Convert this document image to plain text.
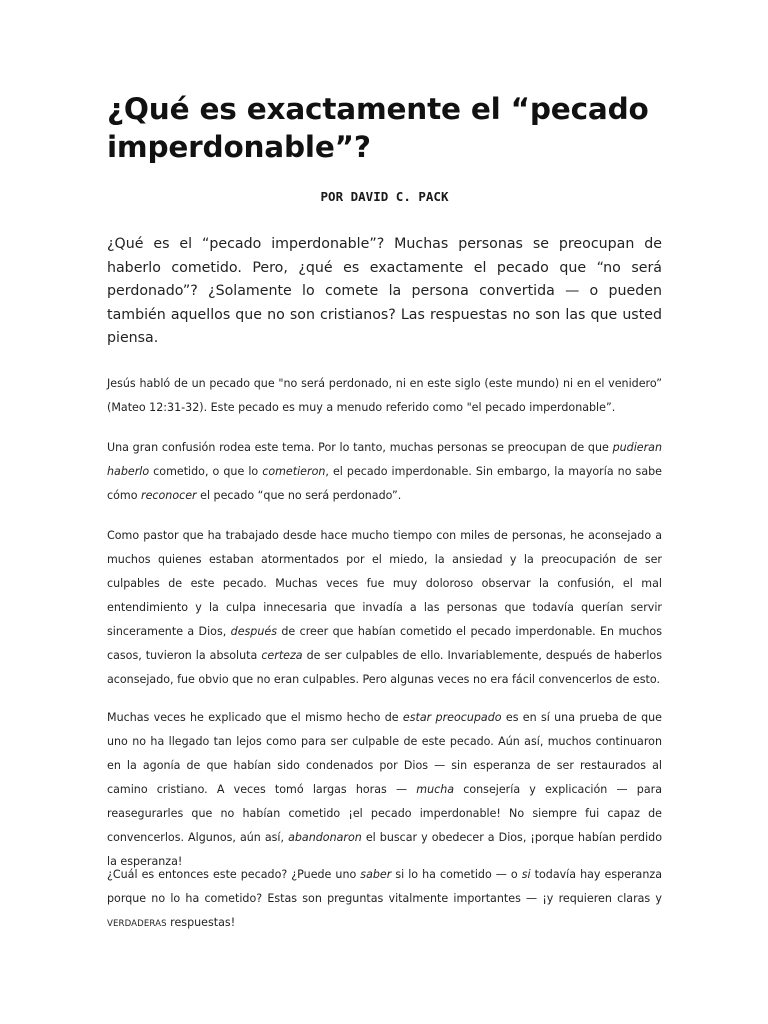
¿Qué es exactamente el “pecado imperdonable”?
POR DAVID C. PACK

¿Qué es el “pecado imperdonable”? Muchas personas se preocupan de haberlo cometido. Pero, ¿qué es exactamente el pecado que “no será perdonado”? ¿Solamente lo comete la persona convertida — o pueden también aquellos que no son cristianos? Las respuestas no son las que usted piensa.

Jesús habló de un pecado que "no será perdonado, ni en este siglo (este mundo) ni en el venidero” (Mateo 12:31-32). Este pecado es muy a menudo referido como "el pecado imperdonable”.

Una gran confusión rodea este tema. Por lo tanto, muchas personas se preocupan de que pudieran haberlo cometido, o que lo cometieron, el pecado imperdonable. Sin embargo, la mayoría no sabe cómo reconocer el pecado “que no será perdonado”.

Como pastor que ha trabajado desde hace mucho tiempo con miles de personas, he aconsejado a muchos quienes estaban atormentados por el miedo, la ansiedad y la preocupación de ser culpables de este pecado. Muchas veces fue muy doloroso observar la confusión, el mal entendimiento y la culpa innecesaria que invadía a las personas que todavía querían servir sinceramente a Dios, después de creer que habían cometido el pecado imperdonable. En muchos casos, tuvieron la absoluta certeza de ser culpables de ello. Invariablemente, después de haberlos aconsejado, fue obvio que no eran culpables. Pero algunas veces no era fácil convencerlos de esto.

Muchas veces he explicado que el mismo hecho de estar preocupado es en sí una prueba de que uno no ha llegado tan lejos como para ser culpable de este pecado. Aún así, muchos continuaron en la agonía de que habían sido condenados por Dios — sin esperanza de ser restaurados al camino cristiano. A veces tomó largas horas — mucha consejería y explicación — para reasegurarles que no habían cometido ¡el pecado imperdonable! No siempre fui capaz de convencerlos. Algunos, aún así, abandonaron el buscar y obedecer a Dios, ¡porque habían perdido la esperanza!

¿Cuál es entonces este pecado? ¿Puede uno saber si lo ha cometido — o si todavía hay esperanza porque no lo ha cometido? Estas son preguntas vitalmente importantes — ¡y requieren claras y VERDADERAS respuestas!
